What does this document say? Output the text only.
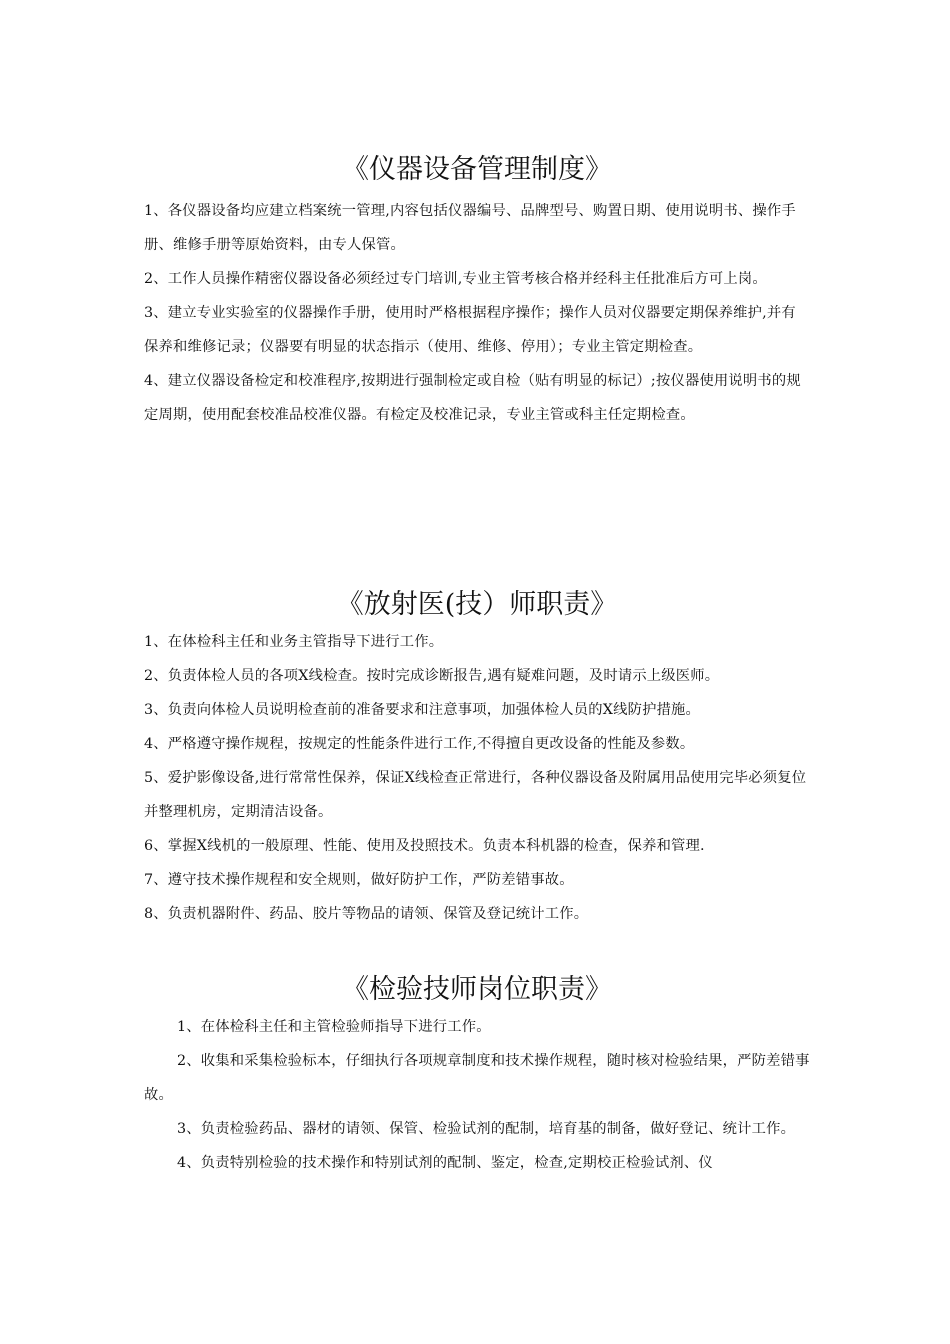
《仪器设备管理制度》

1、各仪器设备均应建立档案统一管理,内容包括仪器编号、品牌型号、购置日期、使用说明书、操作手册、维修手册等原始资料，由专人保管。

2、工作人员操作精密仪器设备必须经过专门培训,专业主管考核合格并经科主任批准后方可上岗。

3、建立专业实验室的仪器操作手册，使用时严格根据程序操作；操作人员对仪器要定期保养维护,并有保养和维修记录；仪器要有明显的状态指示（使用、维修、停用）；专业主管定期检查。

4、建立仪器设备检定和校准程序,按期进行强制检定或自检（贴有明显的标记）;按仪器使用说明书的规定周期，使用配套校准品校准仪器。有检定及校准记录，专业主管或科主任定期检查。

《放射医(技）师职责》

1、在体检科主任和业务主管指导下进行工作。

2、负责体检人员的各项X线检查。按时完成诊断报告,遇有疑难问题，及时请示上级医师。

3、负责向体检人员说明检查前的准备要求和注意事项，加强体检人员的X线防护措施。

4、严格遵守操作规程，按规定的性能条件进行工作,不得擅自更改设备的性能及参数。

5、爱护影像设备,进行常常性保养，保证X线检查正常进行，各种仪器设备及附属用品使用完毕必须复位并整理机房，定期清洁设备。

6、掌握X线机的一般原理、性能、使用及投照技术。负责本科机器的检查，保养和管理.

7、遵守技术操作规程和安全规则，做好防护工作，严防差错事故。

8、负责机器附件、药品、胶片等物品的请领、保管及登记统计工作。

《检验技师岗位职责》

1、在体检科主任和主管检验师指导下进行工作。

2、收集和采集检验标本，仔细执行各项规章制度和技术操作规程，随时核对检验结果，严防差错事故。

3、负责检验药品、器材的请领、保管、检验试剂的配制，培育基的制备，做好登记、统计工作。

4、负责特别检验的技术操作和特别试剂的配制、鉴定，检查,定期校正检验试剂、仪
